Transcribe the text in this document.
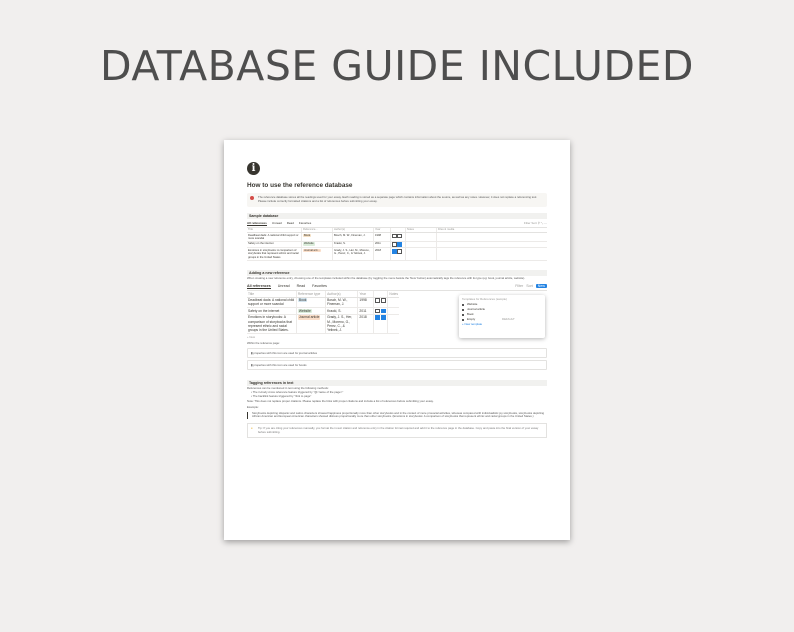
DATABASE GUIDE INCLUDED
i
How to use the reference database
The reference database stores all the readings used for your essay. Each reading is stored as a separate page which contains information about the source, as well as any notes. However, it does not replace a referencing tool. Please include correctly formatted citations and a list of references before submitting your essay.
Sample database
All references Unread Read Favorites	Filter Sort ⚲ ⤡ ⋯
Title	Reference…	Author(s)	Year		Notes	Files & media
Deadbeat dads: A national child support or more scandal	Book	Bosch, M. W., Fineman, J.	1998			
Safety on the internet	Website	Kraoki, S.	2011			
Emotions in storybooks: A comparison of storybooks that represent ethnic and racial groups in the United States	Journal arti…	Grady, J. S., Her, M., Moreno, G., Perez, C., & Yelinek, J.	2018			
Adding a new reference
When creating a new reference entry, choosing one of the templates included within the database (by toggling the menu beside the 'New' button) automatically tags the reference with its type (eg: book, journal article, website).
All references Unread Read Favorites	Filter Sort	New
Title	Reference type	Author(s)	Year		Notes
Deadbeat dads: A national child support or more scandal	Book	Bosch, M. W., Fineman, J.	1998		
Safety on the internet	Website	Kraoki, S.	2011		
Emotions in storybooks: A comparison of storybooks that represent ethnic and racial groups in the United States.	Journal article	Grady, J. S., Her, M., Moreno, G., Perez, C., & Yelinek, J.	2018		
+ New
Templates for References (sample)
Website
Journal article
Book
Empty	DEFAULT
+ New template
Within the reference page:
▮ properties with this icon are used for journal articles
▮ properties with this icon are used for books
Tagging references in text
References can be mentioned in text using the following methods:
• The in-body cross reference feature triggered by "@<name of the page>"
• The backlink feature triggered by "/link to page"
Note: This does not replace proper citations. Please replace the links with proper citations and include a list of references before submitting your essay.
Example:
Storybooks depicting Hispanic and Latino characters showed happiness proportionally more than other storybooks and in the context of more prosocial activities, whereas compared with individualistic joy storybooks, storybooks depicting African American and European American characters showed distress proportionally more than other storybooks. (Emotions in storybooks: A comparison of storybooks that represent ethnic and racial groups in the United States.)
● Tip: If you are citing your references manually, you format the in-text citation and reference entry in the citation format required and add it to the reference page in the database. Copy and paste into the final version of your essay before submitting.
